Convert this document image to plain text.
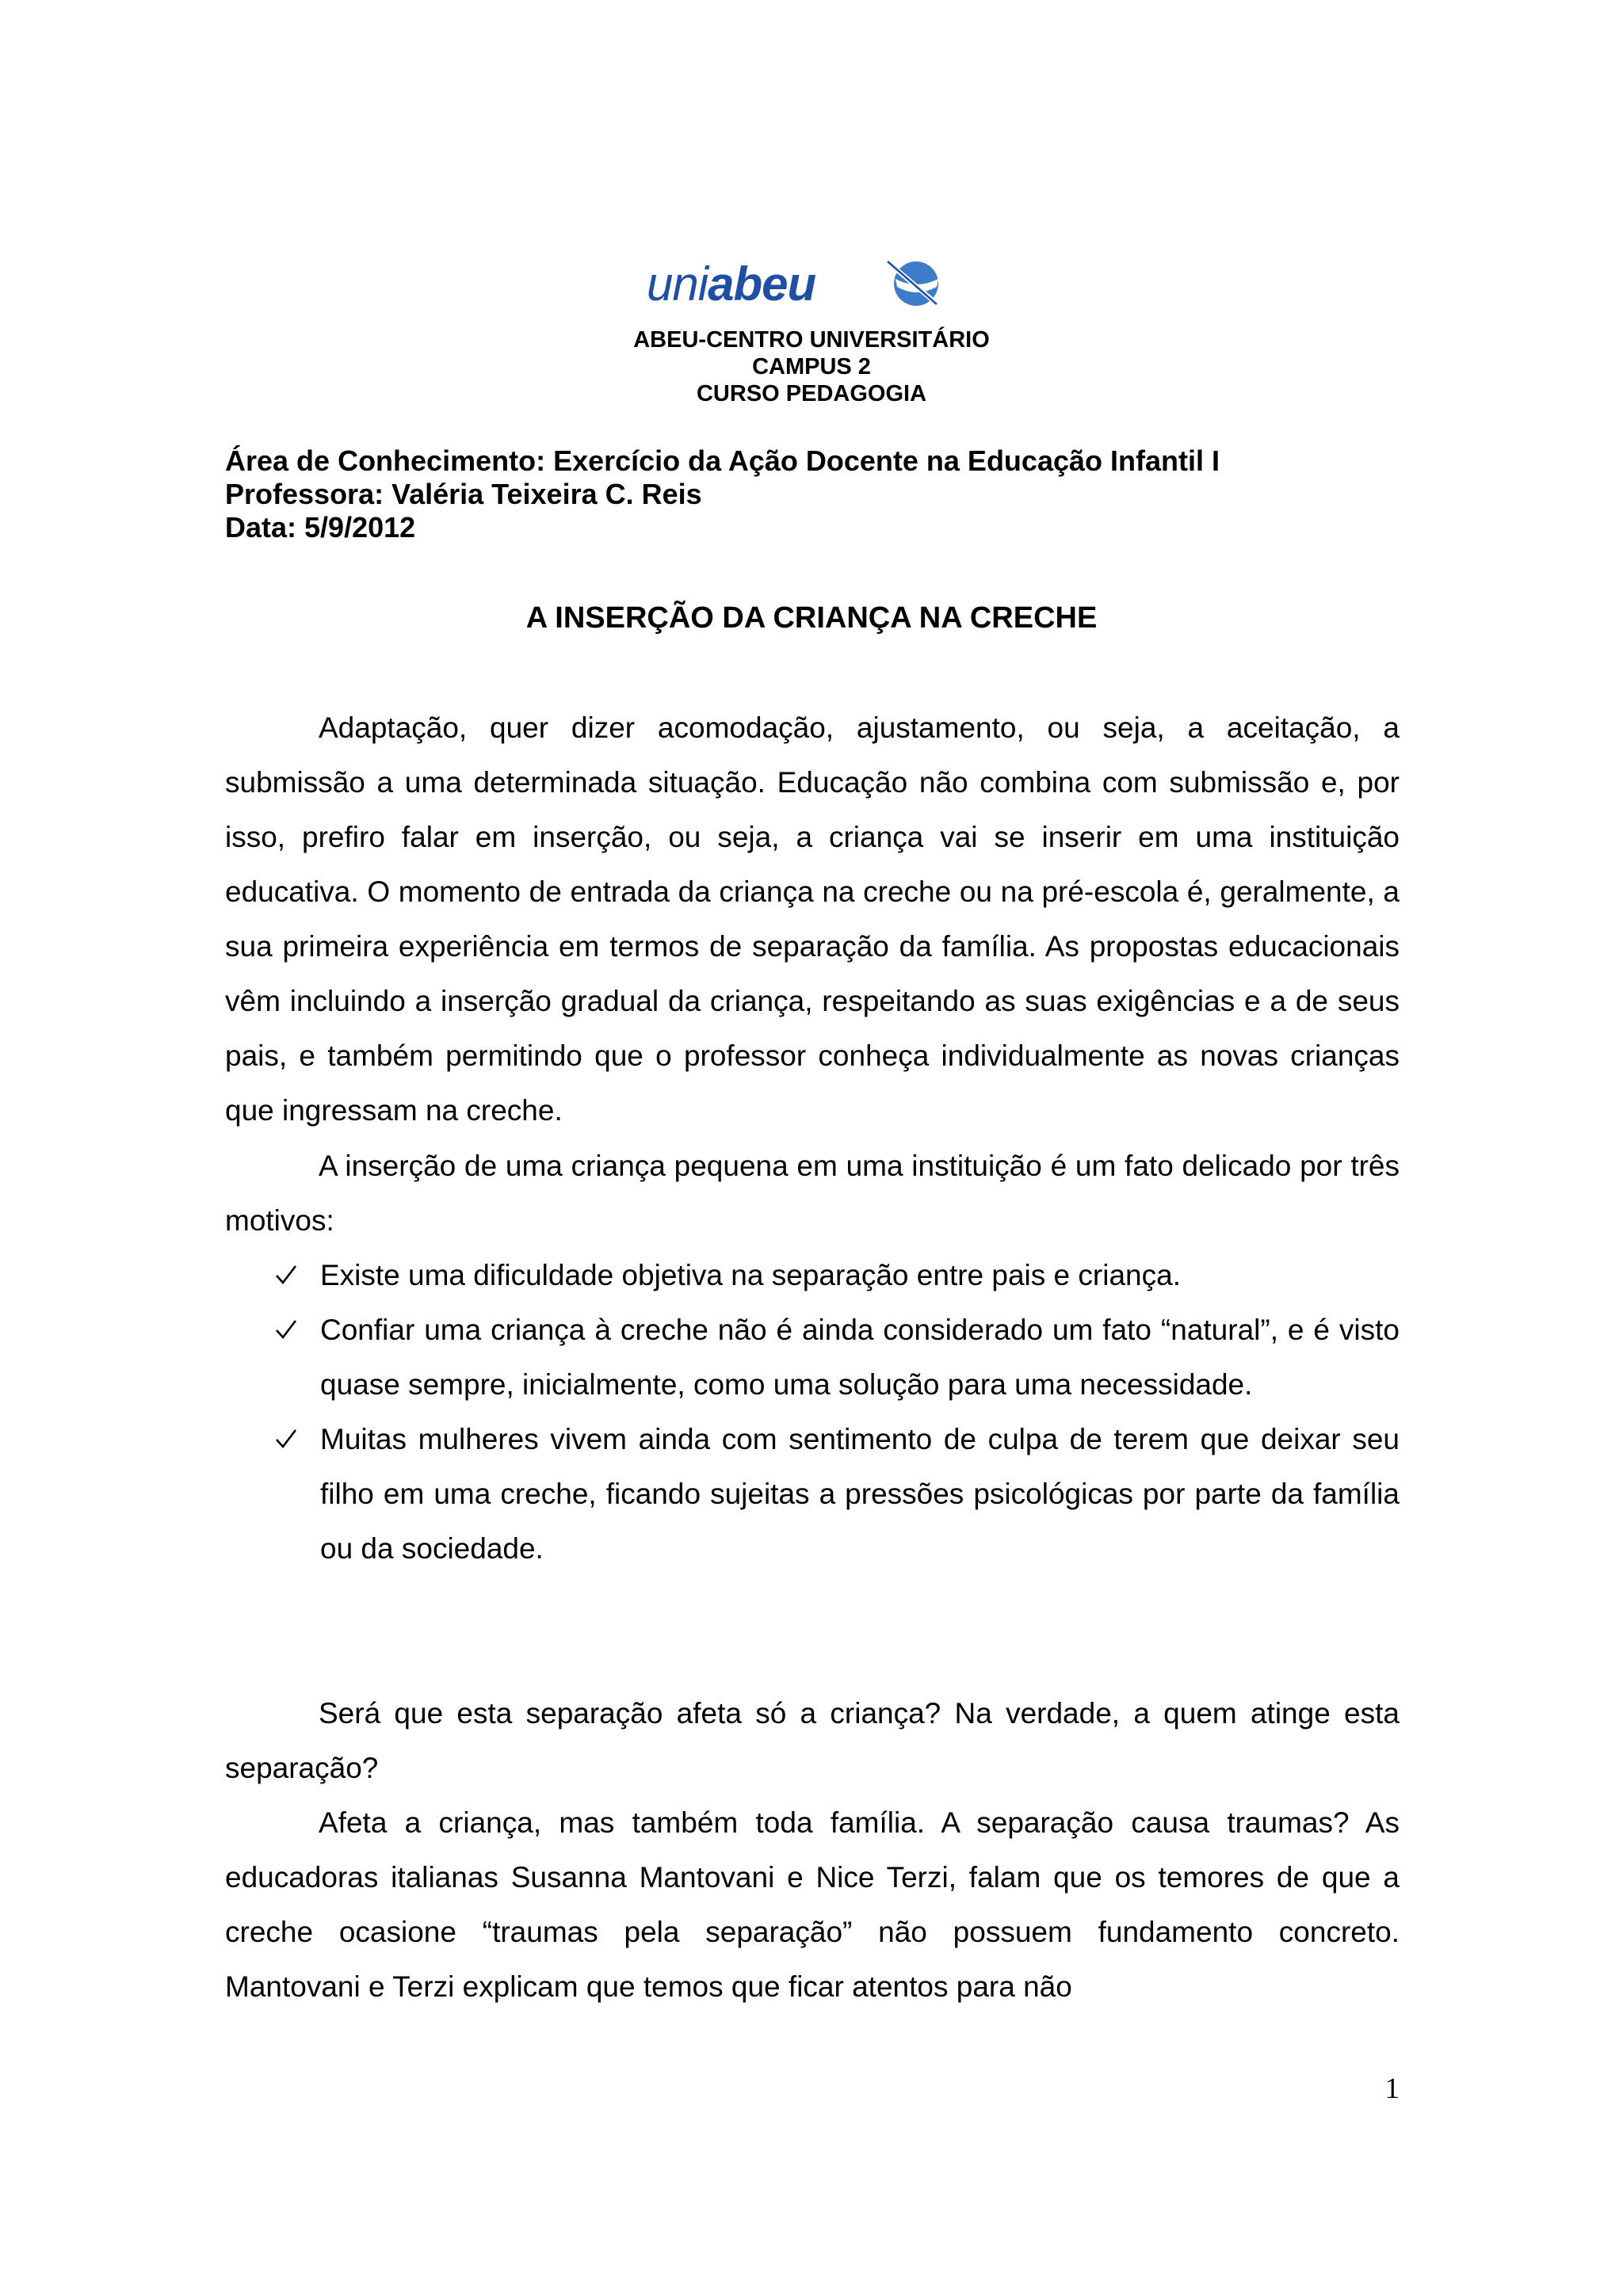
uniabeu
ABEU-CENTRO UNIVERSITÁRIO
CAMPUS 2
CURSO PEDAGOGIA
Área de Conhecimento: Exercício da Ação Docente na Educação Infantil I
Professora: Valéria Teixeira C. Reis
Data: 5/9/2012
A INSERÇÃO DA CRIANÇA NA CRECHE

Adaptação, quer dizer acomodação, ajustamento, ou seja, a aceitação, a submissão a uma determinada situação. Educação não combina com submissão e, por isso, prefiro falar em inserção, ou seja, a criança vai se inserir em uma instituição educativa. O momento de entrada da criança na creche ou na pré-escola é, geralmente, a sua primeira experiência em termos de separação da família. As propostas educacionais vêm incluindo a inserção gradual da criança, respeitando as suas exigências e a de seus pais, e também permitindo que o professor conheça individualmente as novas crianças que ingressam na creche.

A inserção de uma criança pequena em uma instituição é um fato delicado por três motivos:

Existe uma dificuldade objetiva na separação entre pais e criança.
Confiar uma criança à creche não é ainda considerado um fato “natural”, e é visto quase sempre, inicialmente, como uma solução para uma necessidade.
Muitas mulheres vivem ainda com sentimento de culpa de terem que deixar seu filho em uma creche, ficando sujeitas a pressões psicológicas por parte da família ou da sociedade.

Será que esta separação afeta só a criança? Na verdade, a quem atinge esta separação?

Afeta a criança, mas também toda família. A separação causa traumas? As educadoras italianas Susanna Mantovani e Nice Terzi, falam que os temores de que a creche ocasione “traumas pela separação” não possuem fundamento concreto. Mantovani e Terzi explicam que temos que ficar atentos para não

1
